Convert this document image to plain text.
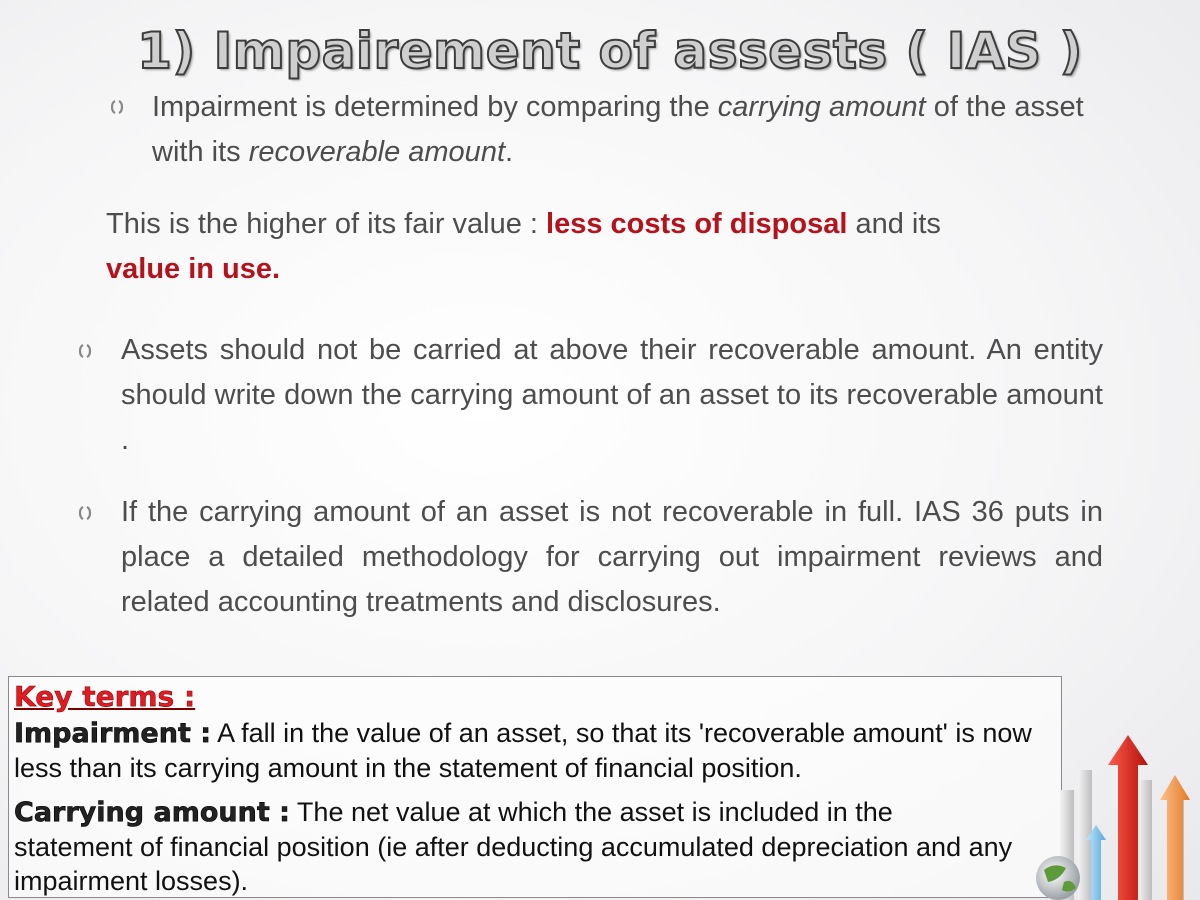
1) Impairement of assests ( IAS )
Impairment is determined by comparing the carrying amount of the asset with its recoverable amount.
This is the higher of its fair value : less costs of disposal and its
value in use.
Assets should not be carried at above their recoverable amount. An entity should write down the carrying amount of an asset to its recoverable amount .
If the carrying amount of an asset is not recoverable in full. IAS 36 puts in place a detailed methodology for carrying out impairment reviews and related accounting treatments and disclosures.
Key terms :
Impairment : A fall in the value of an asset, so that its 'recoverable amount' is now less than its carrying amount in the statement of financial position.
Carrying amount : The net value at which the asset is included in the statement of financial position (ie after deducting accumulated depreciation and any impairment losses).
